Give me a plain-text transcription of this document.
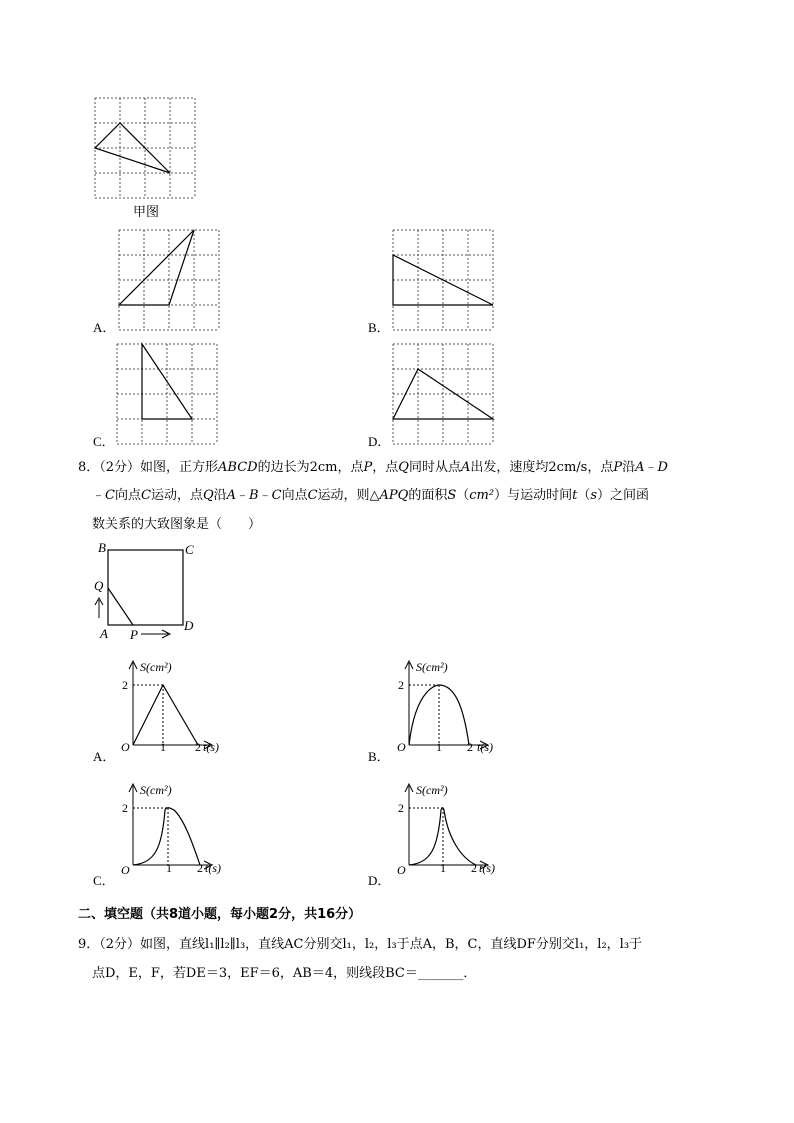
甲图
A．	B．
C．	D．
8．（2分）如图，正方形ABCD的边长为2cm，点P，点Q同时从点A出发，速度均2cm/s，点P沿A﹣D
﹣C向点C运动，点Q沿A﹣B﹣C向点C运动，则△APQ的面积S（cm²）与运动时间t（s）之间函
数关系的大致图象是（　　）
B	C
Q
A P
D
S(cm²)
2
O	1 2 t(s)
A．
S(cm²)
2
O	1 2 t(s)
B．
S(cm²)
2
O	1 2 t(s)
C．
S(cm²)
2
O	1 2 t(s)
D．
二、填空题（共8道小题，每小题2分，共16分）
9．（2分）如图，直线l₁∥l₂∥l₃，直线AC分别交l₁，l₂，l₃于点A，B，C，直线DF分别交l₁，l₂，l₃于
点D，E，F，若DE＝3，EF＝6，AB＝4，则线段BC＝_______．
